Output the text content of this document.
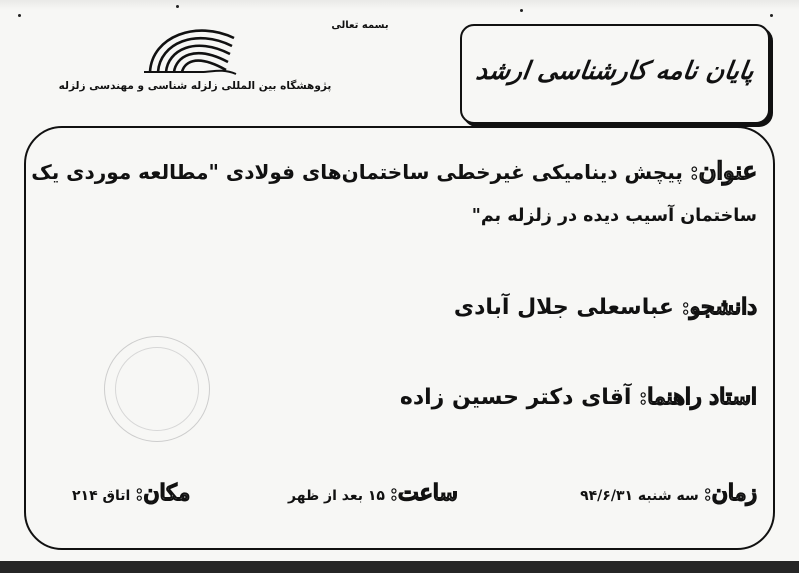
بسمه تعالی
پژوهشگاه بین المللی زلزله شناسی و مهندسی زلزله
پایان نامه کارشناسی ارشد
عنوان: پیچش دینامیکی غیرخطی ساختمان‌های فولادی "مطالعه موردی یک
ساختمان آسیب دیده در زلزله بم"
دانشجو: عباسعلی جلال آبادی
استاد راهنما: آقای دکتر حسین زاده
زمان: سه شنبه ۹۴/۶/۳۱
ساعت: ۱۵ بعد از ظهر
مکان: اتاق ۲۱۴
